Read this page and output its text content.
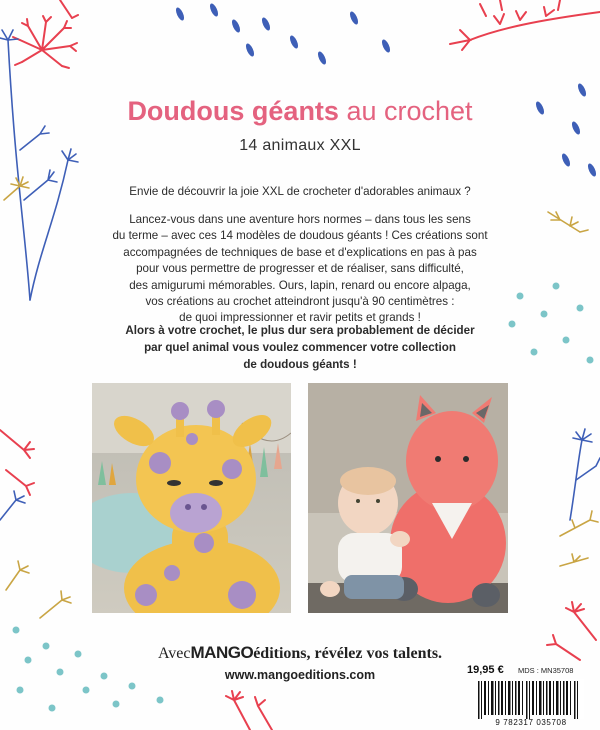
Doudous géants au crochet
14 animaux XXL
Envie de découvrir la joie XXL de crocheter d'adorables animaux ?
Lancez-vous dans une aventure hors normes – dans tous les sens
du terme – avec ces 14 modèles de doudous géants ! Ces créations sont
accompagnées de techniques de base et d'explications en pas à pas
pour vous permettre de progresser et de réaliser, sans difficulté,
des amigurumi mémorables. Ours, lapin, renard ou encore alpaga,
vos créations au crochet atteindront jusqu'à 90 centimètres :
de quoi impressionner et ravir petits et grands !
Alors à votre crochet, le plus dur sera probablement de décider
par quel animal vous voulez commencer votre collection
de doudous géants !
AvecMANGOéditions, révélez vos talents.
www.mangoeditions.com	19,95 € MDS : MN35708
9 782317 035708
